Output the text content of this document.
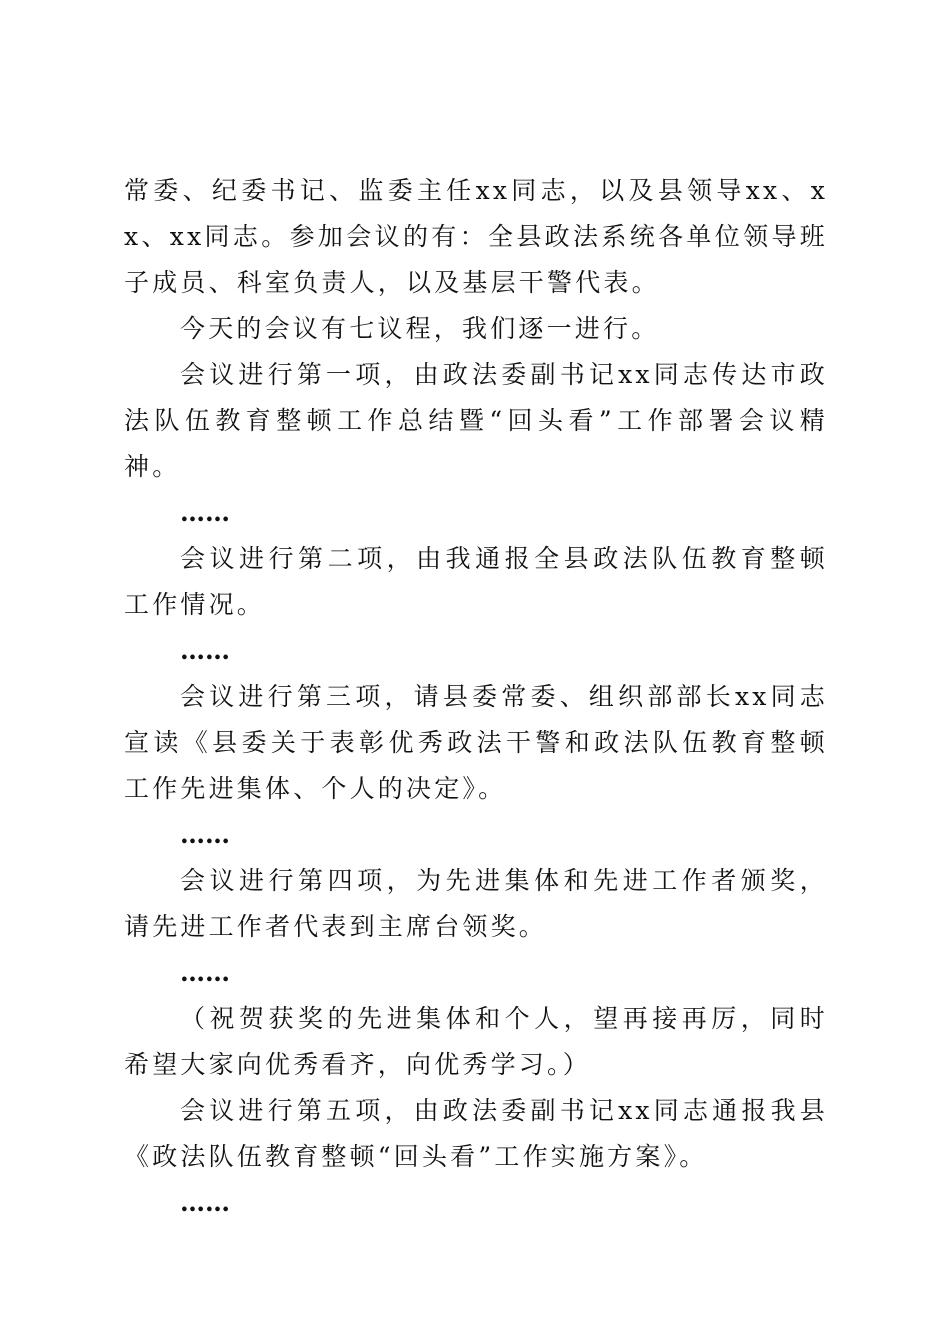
常委、纪委书记、监委主任xx同志，以及县领导xx、xx、xx同志。参加会议的有：全县政法系统各单位领导班子成员、科室负责人，以及基层干警代表。

今天的会议有七议程，我们逐一进行。

会议进行第一项，由政法委副书记xx同志传达市政法队伍教育整顿工作总结暨“回头看”工作部署会议精神。

……

会议进行第二项，由我通报全县政法队伍教育整顿工作情况。

……

会议进行第三项，请县委常委、组织部部长xx同志宣读《县委关于表彰优秀政法干警和政法队伍教育整顿工作先进集体、个人的决定》。

……

会议进行第四项，为先进集体和先进工作者颁奖，请先进工作者代表到主席台领奖。

……

（祝贺获奖的先进集体和个人，望再接再厉，同时希望大家向优秀看齐，向优秀学习。）

会议进行第五项，由政法委副书记xx同志通报我县《政法队伍教育整顿“回头看”工作实施方案》。

……
